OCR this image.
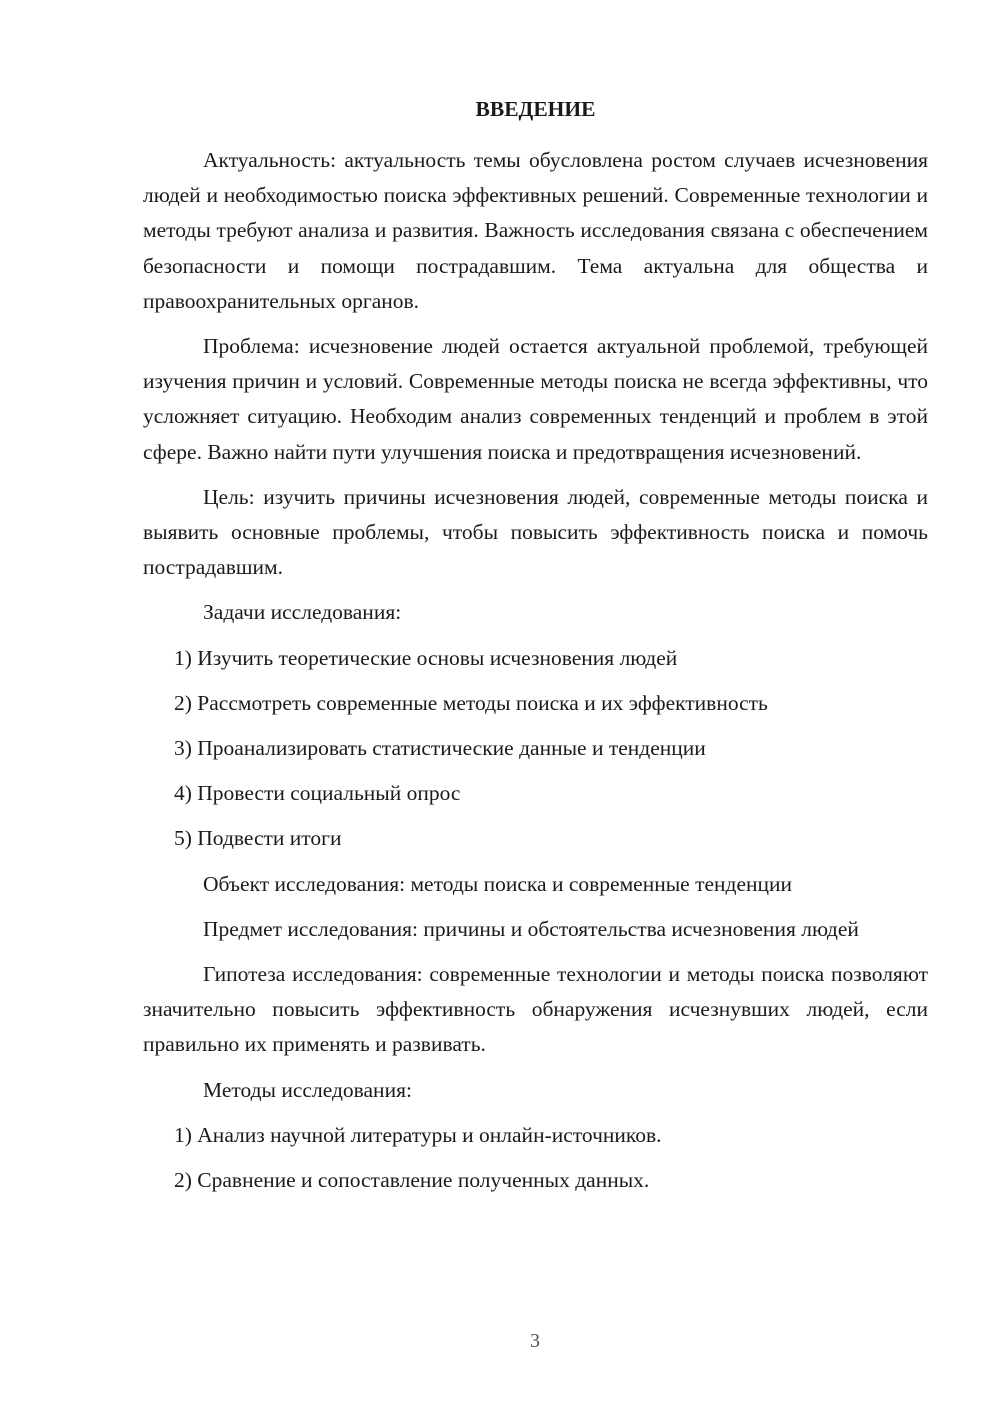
ВВЕДЕНИЕ

Актуальность: актуальность темы обусловлена ростом случаев исчезновения людей и необходимостью поиска эффективных решений. Современные технологии и методы требуют анализа и развития. Важность исследования связана с обеспечением безопасности и помощи пострадавшим. Тема актуальна для общества и правоохранительных органов.

Проблема: исчезновение людей остается актуальной проблемой, требующей изучения причин и условий. Современные методы поиска не всегда эффективны, что усложняет ситуацию. Необходим анализ современных тенденций и проблем в этой сфере. Важно найти пути улучшения поиска и предотвращения исчезновений.

Цель: изучить причины исчезновения людей, современные методы поиска и выявить основные проблемы, чтобы повысить эффективность поиска и помочь пострадавшим.

Задачи исследования:
1) Изучить теоретические основы исчезновения людей
2) Рассмотреть современные методы поиска и их эффективность
3) Проанализировать статистические данные и тенденции
4) Провести социальный опрос
5) Подвести итоги
Объект исследования: методы поиска и современные тенденции

Предмет исследования: причины и обстоятельства исчезновения людей

Гипотеза исследования: современные технологии и методы поиска позволяют значительно повысить эффективность обнаружения исчезнувших людей, если правильно их применять и развивать.

Методы исследования:
1) Анализ научной литературы и онлайн-источников.
2) Сравнение и сопоставление полученных данных.
3
